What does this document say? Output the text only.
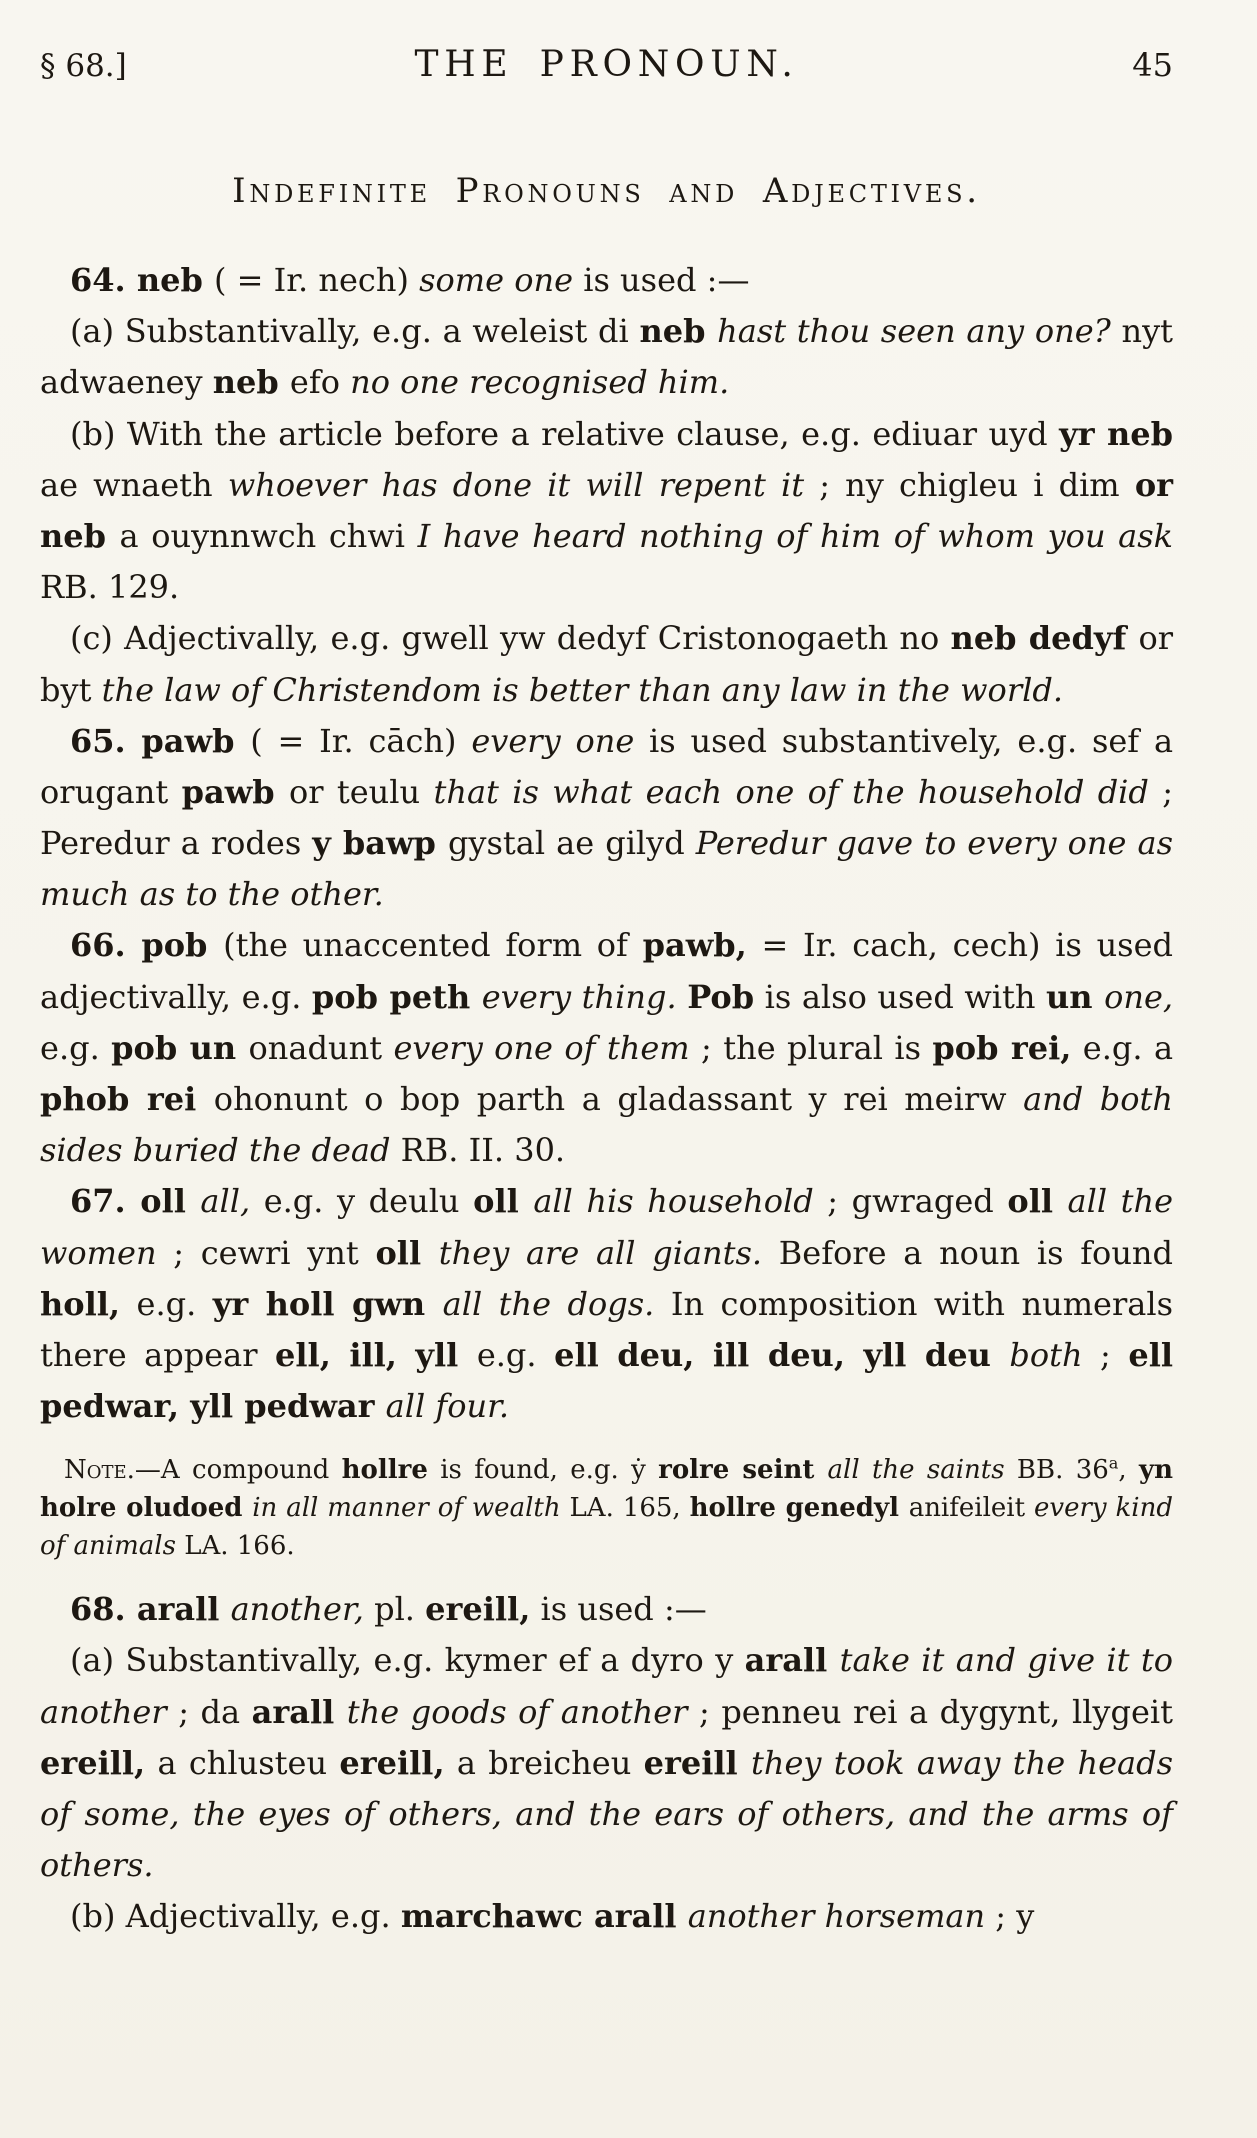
§ 68.]	THE PRONOUN.	45
Indefinite Pronouns and Adjectives.

64. neb ( = Ir. nech) some one is used :—

(a) Substantivally, e.g. a weleist di neb hast thou seen any one? nyt adwaeney neb efo no one recognised him.

(b) With the article before a relative clause, e.g. ediuar uyd yr neb ae wnaeth whoever has done it will repent it ; ny chigleu i dim or neb a ouynnwch chwi I have heard nothing of him of whom you ask RB. 129.

(c) Adjectivally, e.g. gwell yw dedyf Cristonogaeth no neb dedyf or byt the law of Christendom is better than any law in the world.

65. pawb ( = Ir. cāch) every one is used substantively, e.g. sef a orugant pawb or teulu that is what each one of the household did ; Peredur a rodes y bawp gystal ae gilyd Peredur gave to every one as much as to the other.

66. pob (the unaccented form of pawb, = Ir. cach, cech) is used adjectivally, e.g. pob peth every thing. Pob is also used with un one, e.g. pob un onadunt every one of them ; the plural is pob rei, e.g. a phob rei ohonunt o bop parth a gladassant y rei meirw and both sides buried the dead RB. II. 30.

67. oll all, e.g. y deulu oll all his household ; gwraged oll all the women ; cewri ynt oll they are all giants. Before a noun is found holl, e.g. yr holl gwn all the dogs. In composition with numerals there appear ell, ill, yll e.g. ell deu, ill deu, yll deu both ; ell pedwar, yll pedwar all four.

Note.—A compound hollre is found, e.g. ẏ rolre seint all the saints BB. 36$^a$, yn holre oludoed in all manner of wealth LA. 165, hollre genedyl anifeileit every kind of animals LA. 166.

68. arall another, pl. ereill, is used :—

(a) Substantivally, e.g. kymer ef a dyro y arall take it and give it to another ; da arall the goods of another ; penneu rei a dygynt, llygeit ereill, a chlusteu ereill, a breicheu ereill they took away the heads of some, the eyes of others, and the ears of others, and the arms of others.

(b) Adjectivally, e.g. marchawc arall another horseman ; y
